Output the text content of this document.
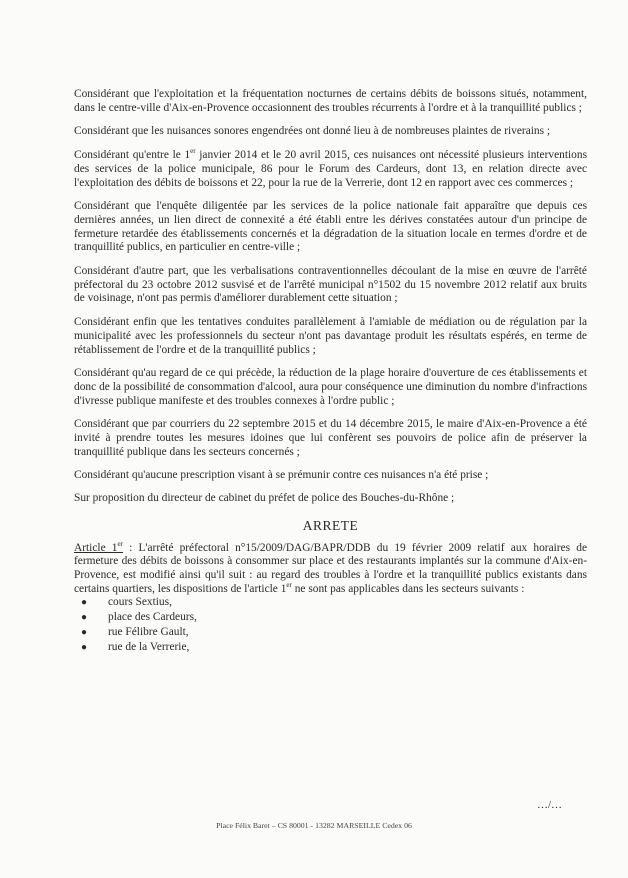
Considérant que l'exploitation et la fréquentation nocturnes de certains débits de boissons situés, notamment, dans le centre-ville d'Aix-en-Provence occasionnent des troubles récurrents à l'ordre et à la tranquillité publics ;

Considérant que les nuisances sonores engendrées ont donné lieu à de nombreuses plaintes de riverains ;

Considérant qu'entre le 1er janvier 2014 et le 20 avril 2015, ces nuisances ont nécessité plusieurs interventions des services de la police municipale, 86 pour le Forum des Cardeurs, dont 13, en relation directe avec l'exploitation des débits de boissons et 22, pour la rue de la Verrerie, dont 12 en rapport avec ces commerces ;

Considérant que l'enquête diligentée par les services de la police nationale fait apparaître que depuis ces dernières années, un lien direct de connexité a été établi entre les dérives constatées autour d'un principe de fermeture retardée des établissements concernés et la dégradation de la situation locale en termes d'ordre et de tranquillité publics, en particulier en centre-ville ;

Considérant d'autre part, que les verbalisations contraventionnelles découlant de la mise en œuvre de l'arrêté préfectoral du 23 octobre 2012 susvisé et de l'arrêté municipal n°1502 du 15 novembre 2012 relatif aux bruits de voisinage, n'ont pas permis d'améliorer durablement cette situation ;

Considérant enfin que les tentatives conduites parallèlement à l'amiable de médiation ou de régulation par la municipalité avec les professionnels du secteur n'ont pas davantage produit les résultats espérés, en terme de rétablissement de l'ordre et de la tranquillité publics ;

Considérant qu'au regard de ce qui précède, la réduction de la plage horaire d'ouverture de ces établissements et donc de la possibilité de consommation d'alcool, aura pour conséquence une diminution du nombre d'infractions d'ivresse publique manifeste et des troubles connexes à l'ordre public ;

Considérant que par courriers du 22 septembre 2015 et du 14 décembre 2015, le maire d'Aix-en-Provence a été invité à prendre toutes les mesures idoines que lui confèrent ses pouvoirs de police afin de préserver la tranquillité publique dans les secteurs concernés ;

Considérant qu'aucune prescription visant à se prémunir contre ces nuisances n'a été prise ;

Sur proposition du directeur de cabinet du préfet de police des Bouches-du-Rhône ;

ARRETE

Article 1er : L'arrêté préfectoral n°15/2009/DAG/BAPR/DDB du 19 février 2009 relatif aux horaires de fermeture des débits de boissons à consommer sur place et des restaurants implantés sur la commune d'Aix-en-Provence, est modifié ainsi qu'il suit : au regard des troubles à l'ordre et la tranquillité publics existants dans certains quartiers, les dispositions de l'article 1er ne sont pas applicables dans les secteurs suivants :

● cours Sextius,
● place des Cardeurs,
● rue Félibre Gault,
● rue de la Verrerie,
…/…
Place Félix Baret – CS 80001 - 13282 MARSEILLE Cedex 06
